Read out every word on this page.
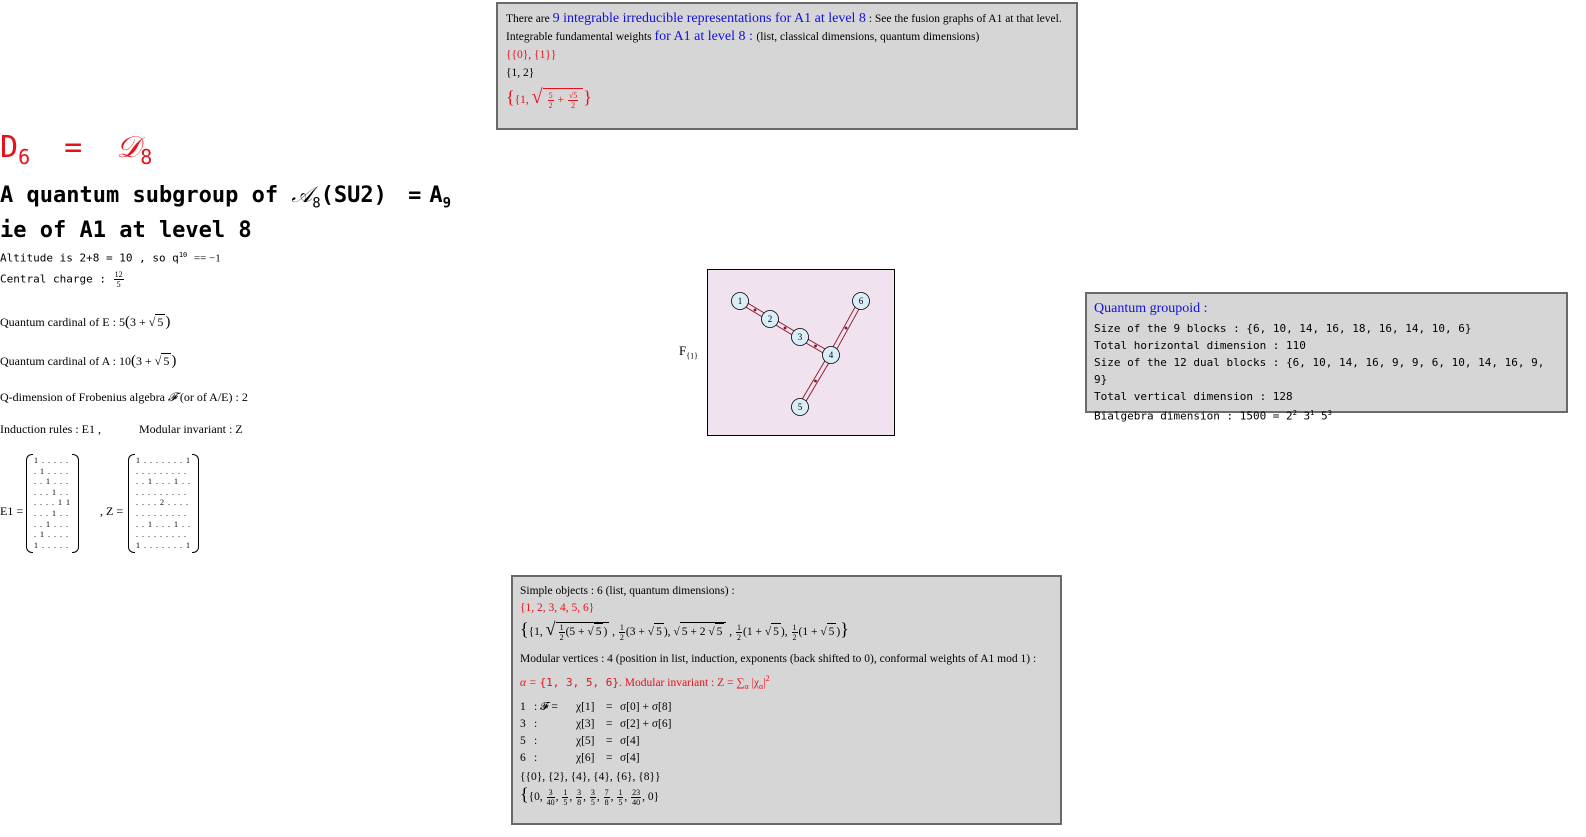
$D_6$ = 𝒟$_8$
A quantum subgroup of 𝒜$_8$(SU2) = $A_9$
ie of A1 at level 8
Altitude is 2+8 = 10 , so $q^{10} == -1$
Central charge : $\frac{12}{5}$
Quantum cardinal of E : 5(3 + √ 5 )
Quantum cardinal of A : 10(3 + √ 5 )
Q-dimension of Frobenius algebra 𝓕 (or of A/E) : 2
Induction rules : E1 ,	Modular invariant : Z
E1 =
1 . . . . .
. 1 . . . .
. . 1 . . .
. . . 1 . .
. . . . 1 1
. . . 1 . .
. . 1 . . .
. 1 . . . .
1 . . . . .
, Z =
1 . . . . . . . 1
. . . . . . . . .
. . 1 . . . 1 . .
. . . . . . . . .
. . . . 2 . . . .
. . . . . . . . .
. . 1 . . . 1 . .
. . . . . . . . .
1 . . . . . . . 1
There are 9 integrable irreducible representations for A1 at level 8 : See the fusion graphs of A1 at that level.
Integrable fundamental weights for A1 at level 8 : (list, classical dimensions, quantum dimensions)
{{0}, {1}}
{1, 2}
{{1, √ $\frac{5}{2} + \frac{√5}{2}$ }
$F_{\{1\}}$
1
2
3
4
5
6	Quantum groupoid :
Size of the 9 blocks : {6, 10, 14, 16, 18, 16, 14, 10, 6}
Total horizontal dimension : 110
Size of the 12 dual blocks : {6, 10, 14, 16, 9, 9, 6, 10, 14, 16, 9, 9}
Total vertical dimension : 128
Bialgebra dimension : $1500 = 2^2$ $3^1$ $5^3$
Simple objects : 6 (list, quantum dimensions) :
{1, 2, 3, 4, 5, 6}
{{1, √ $\frac{1}{2} (5$ + √ 5 ) , $\frac{1}{2} (3$ + √ 5 ), √ 5 + 2 √ 5 , $\frac{1}{2} (1$ + √ 5 ), $\frac{1}{2} (1$ + √ 5 )}
Modular vertices : 4 (position in list, induction, exponents (back shifted to 0), conformal weights of A1 mod 1) :
α = {1, 3, 5, 6}. Modular invariant : $Z = \sum_\alpha$ $|\chi_\alpha|^2$
1 : 𝓕 = χ[1] = σ[0] + σ[8]
3 :	χ[3] = σ[2] + σ[6]
5 :	χ[5] = σ[4]
6 :	χ[6] = σ[4]
{{0}, {2}, {4}, {4}, {6}, {8}}
{{0, $\frac{3}{40}$ , $\frac{1}{5}$ , $\frac{3}{8}$ , $\frac{3}{5}$ , $\frac{7}{8}$ , $\frac{1}{5}$ , $\frac{23}{40}$ , 0}
